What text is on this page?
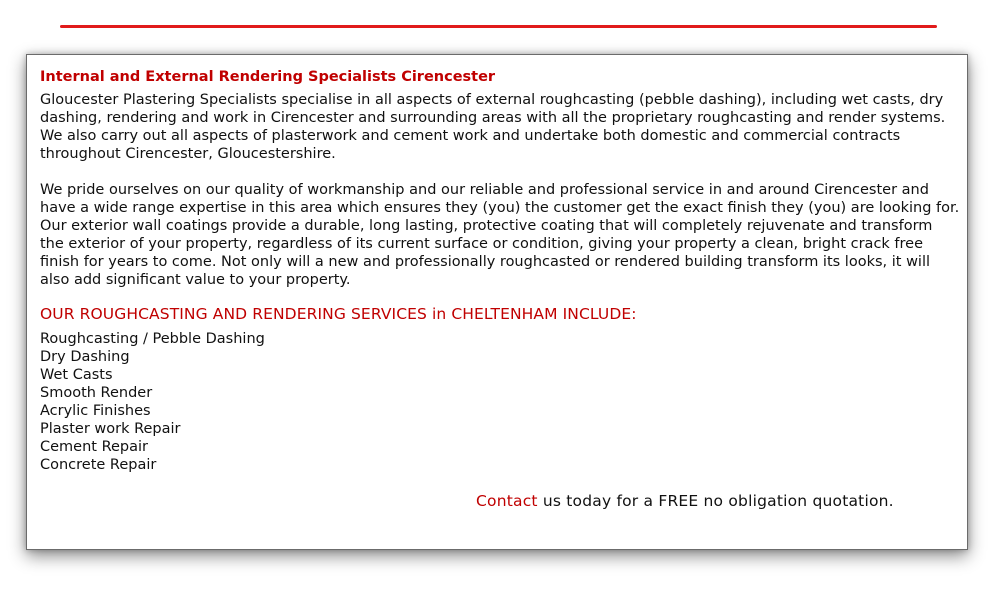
Internal and External Rendering Specialists Cirencester

Gloucester Plastering Specialists specialise in all aspects of external roughcasting (pebble dashing), including wet casts, dry dashing, rendering and work in Cirencester and surrounding areas with all the proprietary roughcasting and render systems. We also carry out all aspects of plasterwork and cement work and undertake both domestic and commercial contracts throughout Cirencester, Gloucestershire.

We pride ourselves on our quality of workmanship and our reliable and professional service in and around Cirencester and have a wide range expertise in this area which ensures they (you) the customer get the exact finish they (you) are looking for.

Our exterior wall coatings provide a durable, long lasting, protective coating that will completely rejuvenate and transform the exterior of your property, regardless of its current surface or condition, giving your property a clean, bright crack free finish for years to come. Not only will a new and professionally roughcasted or rendered building transform its looks, it will also add significant value to your property.

OUR ROUGHCASTING AND RENDERING SERVICES in CHELTENHAM INCLUDE:
Roughcasting / Pebble Dashing
Dry Dashing
Wet Casts
Smooth Render
Acrylic Finishes
Plaster work Repair
Cement Repair
Concrete Repair
Contact us today for a FREE no obligation quotation.
